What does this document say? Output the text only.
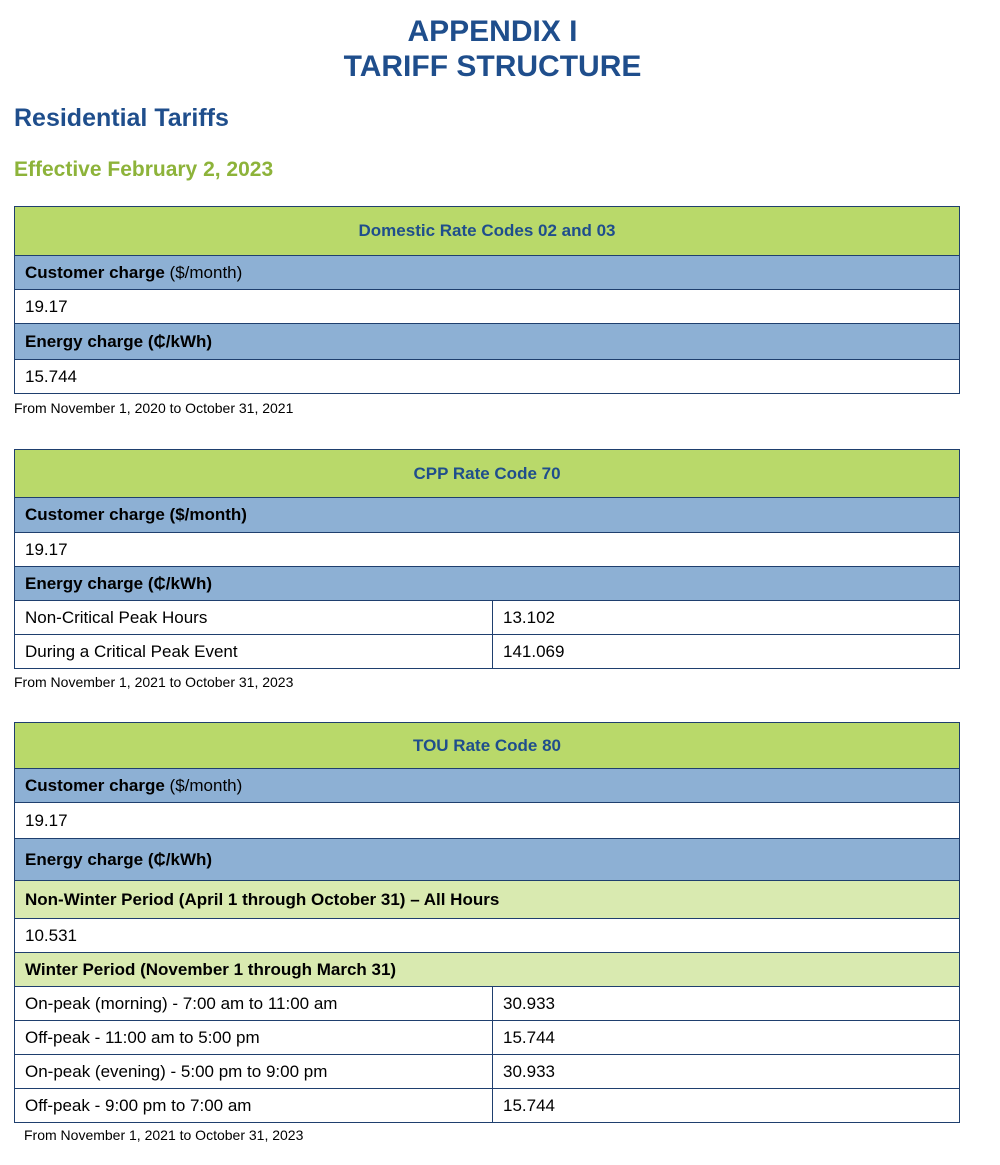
APPENDIX I
TARIFF STRUCTURE
Residential Tariffs
Effective February 2, 2023
Domestic Rate Codes 02 and 03
Customer charge ($/month)
19.17
Energy charge (₵/kWh)
15.744
From November 1, 2020 to October 31, 2021
CPP Rate Code 70	
Customer charge ($/month)	
19.17	
Energy charge (₵/kWh)	
Non-Critical Peak Hours	13.102
During a Critical Peak Event	141.069
From November 1, 2021 to October 31, 2023
TOU Rate Code 80	
Customer charge ($/month)	
19.17	
Energy charge (₵/kWh)	
Non-Winter Period (April 1 through October 31) – All Hours	
10.531	
Winter Period (November 1 through March 31)	
On-peak (morning) - 7:00 am to 11:00 am	30.933
Off-peak - 11:00 am to 5:00 pm	15.744
On-peak (evening) - 5:00 pm to 9:00 pm	30.933
Off-peak - 9:00 pm to 7:00 am	15.744
From November 1, 2021 to October 31, 2023
